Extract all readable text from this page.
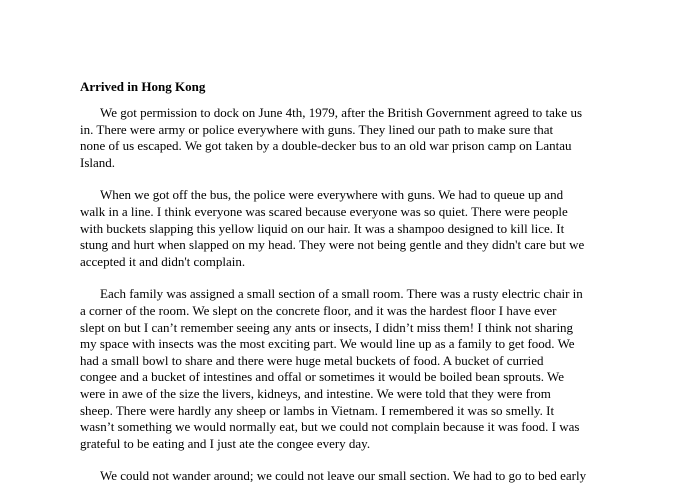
Arrived in Hong Kong
We got permission to dock on June 4th, 1979, after the British Government agreed to take us
in. There were army or police everywhere with guns. They lined our path to make sure that
none of us escaped. We got taken by a double-decker bus to an old war prison camp on Lantau
Island.
When we got off the bus, the police were everywhere with guns. We had to queue up and
walk in a line. I think everyone was scared because everyone was so quiet. There were people
with buckets slapping this yellow liquid on our hair. It was a shampoo designed to kill lice. It
stung and hurt when slapped on my head. They were not being gentle and they didn't care but we
accepted it and didn't complain.
Each family was assigned a small section of a small room. There was a rusty electric chair in
a corner of the room. We slept on the concrete floor, and it was the hardest floor I have ever
slept on but I can’t remember seeing any ants or insects, I didn’t miss them! I think not sharing
my space with insects was the most exciting part. We would line up as a family to get food. We
had a small bowl to share and there were huge metal buckets of food. A bucket of curried
congee and a bucket of intestines and offal or sometimes it would be boiled bean sprouts. We
were in awe of the size the livers, kidneys, and intestine. We were told that they were from
sheep. There were hardly any sheep or lambs in Vietnam. I remembered it was so smelly. It
wasn’t something we would normally eat, but we could not complain because it was food. I was
grateful to be eating and I just ate the congee every day.
We could not wander around; we could not leave our small section. We had to go to bed early
